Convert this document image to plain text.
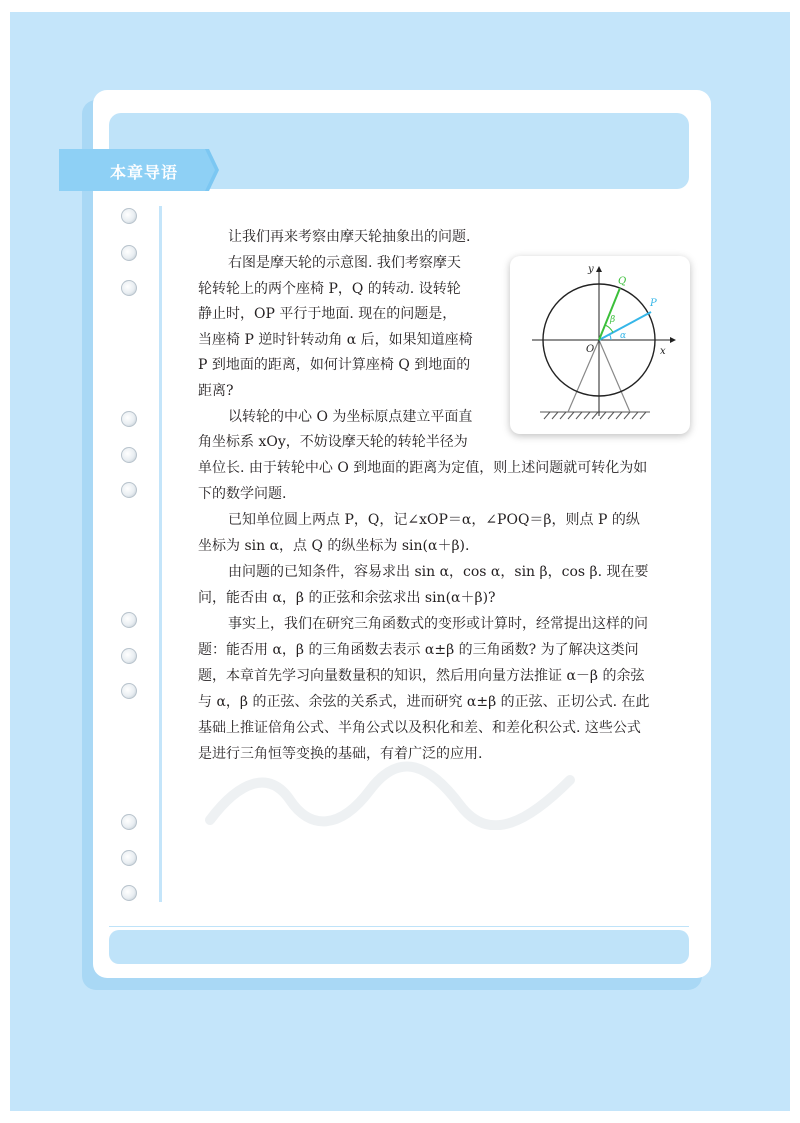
本章导语
让我们再来考察由摩天轮抽象出的问题.
右图是摩天轮的示意图. 我们考察摩天
轮转轮上的两个座椅 P，Q 的转动. 设转轮
静止时，OP 平行于地面. 现在的问题是，
当座椅 P 逆时针转动角 α 后，如果知道座椅
P 到地面的距离，如何计算座椅 Q 到地面的
距离?
以转轮的中心 O 为坐标原点建立平面直
角坐标系 xOy，不妨设摩天轮的转轮半径为
单位长. 由于转轮中心 O 到地面的距离为定值，则上述问题就可转化为如
下的数学问题.
已知单位圆上两点 P，Q，记∠xOP＝α，∠POQ＝β，则点 P 的纵
坐标为 sin α，点 Q 的纵坐标为 sin(α＋β).
由问题的已知条件，容易求出 sin α，cos α，sin β，cos β. 现在要
问，能否由 α，β 的正弦和余弦求出 sin(α＋β)?
事实上，我们在研究三角函数式的变形或计算时，经常提出这样的问
题：能否用 α，β 的三角函数去表示 α±β 的三角函数? 为了解决这类问
题，本章首先学习向量数量积的知识，然后用向量方法推证 α－β 的余弦
与 α，β 的正弦、余弦的关系式，进而研究 α±β 的正弦、正切公式. 在此
基础上推证倍角公式、半角公式以及积化和差、和差化积公式. 这些公式
是进行三角恒等变换的基础，有着广泛的应用.
x
y
O
P
Q
α
β
